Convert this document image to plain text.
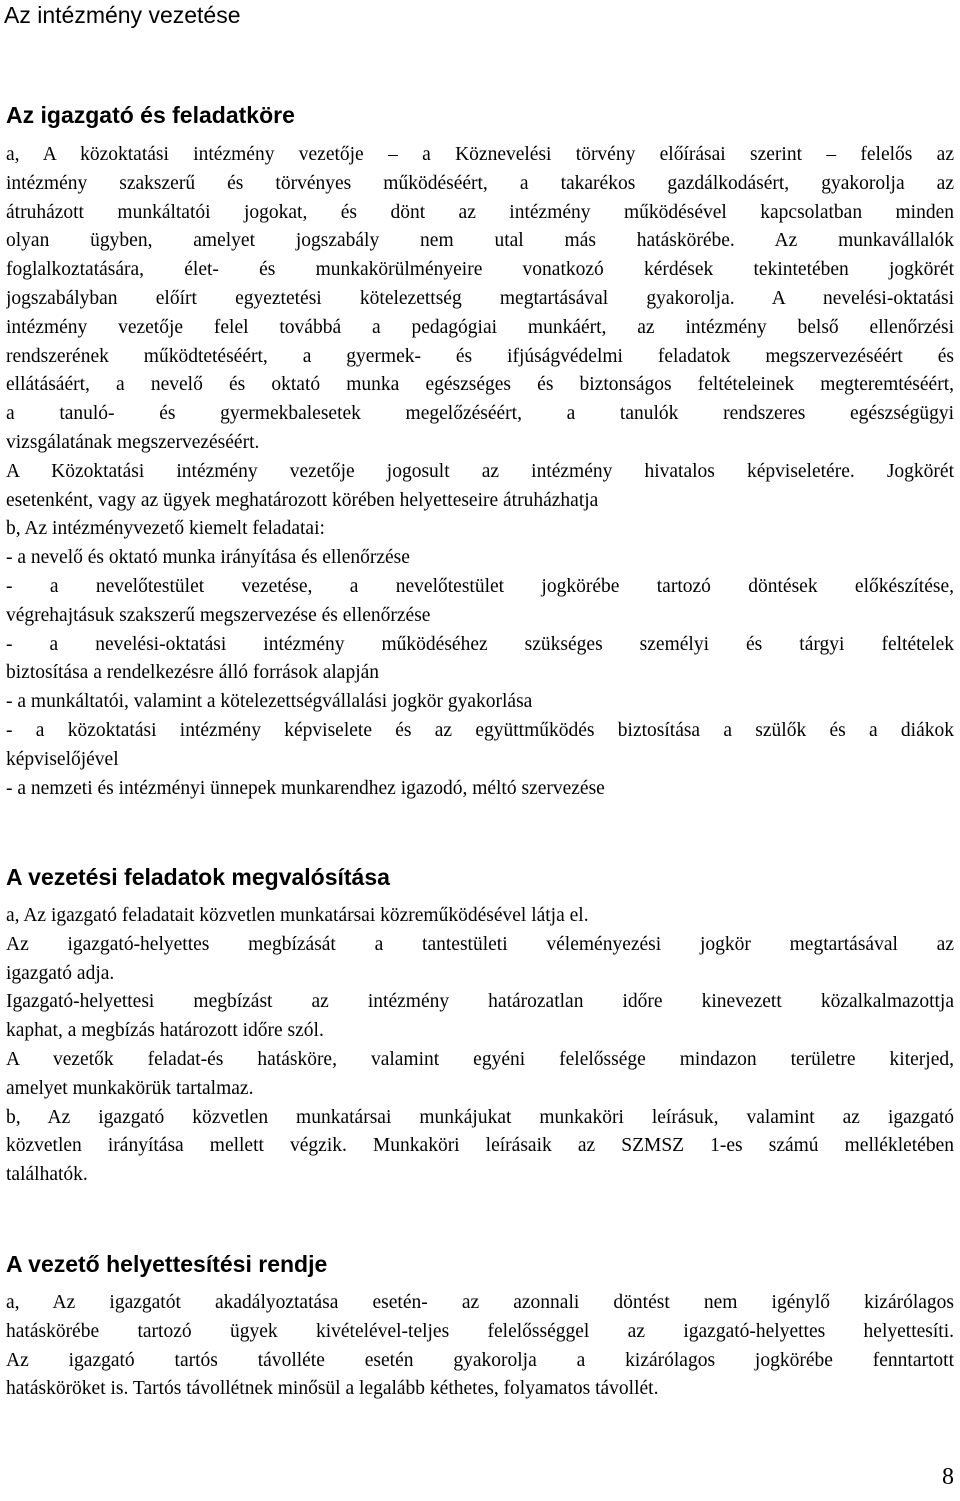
Az intézmény vezetése
Az igazgató és feladatköre
a, A közoktatási intézmény vezetője – a Köznevelési törvény előírásai szerint – felelős az
intézmény szakszerű és törvényes működéséért, a takarékos gazdálkodásért, gyakorolja az
átruházott munkáltatói jogokat, és dönt az intézmény működésével kapcsolatban minden
olyan ügyben, amelyet jogszabály nem utal más hatáskörébe. Az munkavállalók
foglalkoztatására, élet- és munkakörülményeire vonatkozó kérdések tekintetében jogkörét
jogszabályban előírt egyeztetési kötelezettség megtartásával gyakorolja. A nevelési-oktatási
intézmény vezetője felel továbbá a pedagógiai munkáért, az intézmény belső ellenőrzési
rendszerének működtetéséért, a gyermek- és ifjúságvédelmi feladatok megszervezéséért és
ellátásáért, a nevelő és oktató munka egészséges és biztonságos feltételeinek megteremtéséért,
a tanuló- és gyermekbalesetek megelőzéséért, a tanulók rendszeres egészségügyi
vizsgálatának megszervezéséért.
A Közoktatási intézmény vezetője jogosult az intézmény hivatalos képviseletére. Jogkörét
esetenként, vagy az ügyek meghatározott körében helyetteseire átruházhatja
b, Az intézményvezető kiemelt feladatai:
- a nevelő és oktató munka irányítása és ellenőrzése
- a nevelőtestület vezetése, a nevelőtestület jogkörébe tartozó döntések előkészítése,
végrehajtásuk szakszerű megszervezése és ellenőrzése
- a nevelési-oktatási intézmény működéséhez szükséges személyi és tárgyi feltételek
biztosítása a rendelkezésre álló források alapján
- a munkáltatói, valamint a kötelezettségvállalási jogkör gyakorlása
- a közoktatási intézmény képviselete és az együttműködés biztosítása a szülők és a diákok
képviselőjével
- a nemzeti és intézményi ünnepek munkarendhez igazodó, méltó szervezése
A vezetési feladatok megvalósítása
a, Az igazgató feladatait közvetlen munkatársai közreműködésével látja el.
Az igazgató-helyettes megbízását a tantestületi véleményezési jogkör megtartásával az
igazgató adja.
Igazgató-helyettesi megbízást az intézmény határozatlan időre kinevezett közalkalmazottja
kaphat, a megbízás határozott időre szól.
A vezetők feladat-és hatásköre, valamint egyéni felelőssége mindazon területre kiterjed,
amelyet munkakörük tartalmaz.
b, Az igazgató közvetlen munkatársai munkájukat munkaköri leírásuk, valamint az igazgató
közvetlen irányítása mellett végzik. Munkaköri leírásaik az SZMSZ 1-es számú mellékletében
találhatók.
A vezető helyettesítési rendje
a, Az igazgatót akadályoztatása esetén- az azonnali döntést nem igénylő kizárólagos
hatáskörébe tartozó ügyek kivételével-teljes felelősséggel az igazgató-helyettes helyettesíti.
Az igazgató tartós távolléte esetén gyakorolja a kizárólagos jogkörébe fenntartott
hatásköröket is. Tartós távollétnek minősül a legalább kéthetes, folyamatos távollét.
8
